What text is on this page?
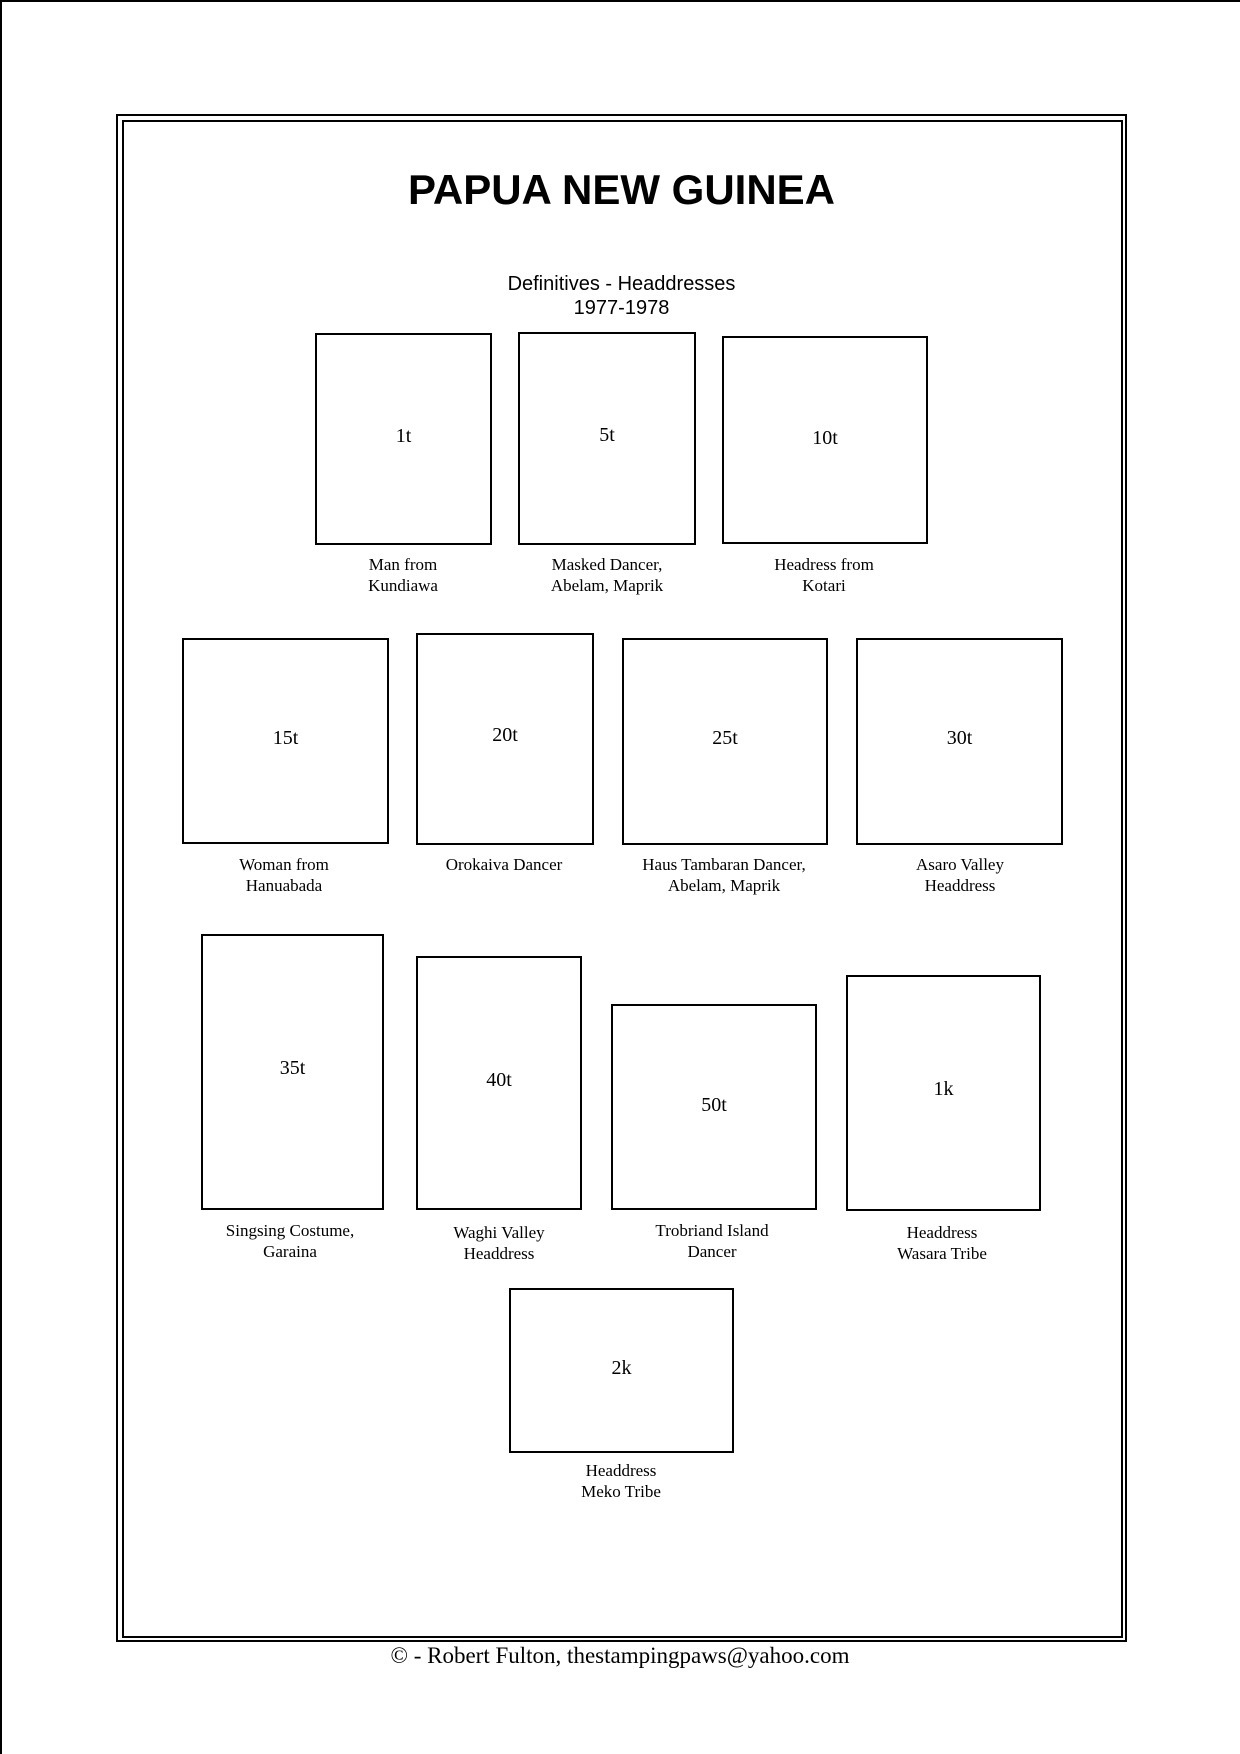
PAPUA NEW GUINEA
Definitives - Headdresses
1977-1978
1t
Man from
Kundiawa
5t
Masked Dancer,
Abelam, Maprik
10t
Headress from
Kotari
15t
Woman from
Hanuabada
20t
Orokaiva Dancer
25t
Haus Tambaran Dancer,
Abelam, Maprik
30t
Asaro Valley
Headdress
35t
Singsing Costume,
Garaina
40t
Waghi Valley
Headdress
50t
Trobriand Island
Dancer
1k
Headdress
Wasara Tribe
2k
Headdress
Meko Tribe
© - Robert Fulton, thestampingpaws@yahoo.com
